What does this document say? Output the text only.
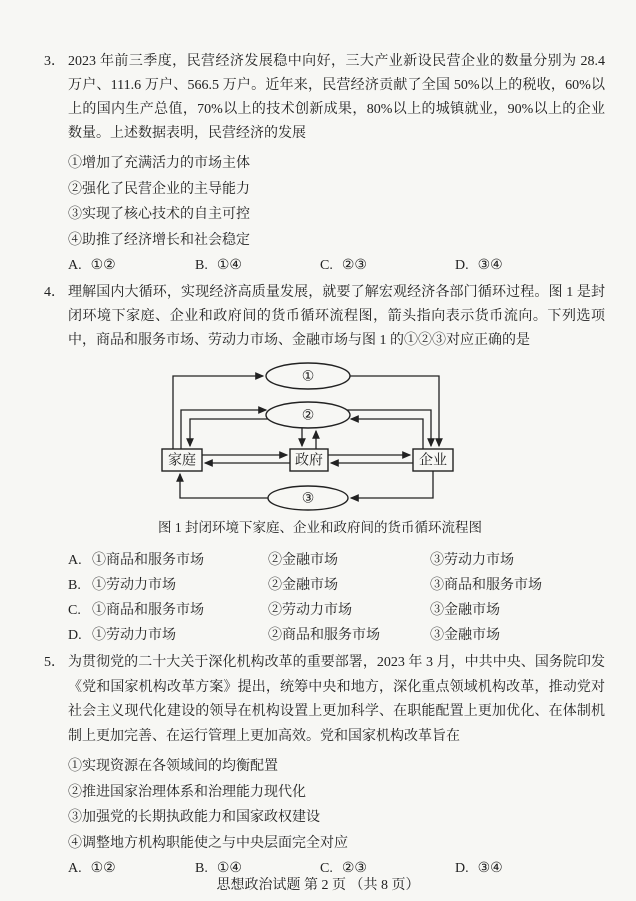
3． 2023 年前三季度，民营经济发展稳中向好，三大产业新设民营企业的数量分别为 28.4 万户、111.6 万户、566.5 万户。近年来，民营经济贡献了全国 50%以上的税收，60%以上的国内生产总值，70%以上的技术创新成果，80%以上的城镇就业，90%以上的企业数量。上述数据表明，民营经济的发展
①增加了充满活力的市场主体
②强化了民营企业的主导能力
③实现了核心技术的自主可控
④助推了经济增长和社会稳定
A. ①②	B. ①④	C. ②③	D. ③④
4． 理解国内大循环，实现经济高质量发展，就要了解宏观经济各部门循环过程。图 1 是封闭环境下家庭、企业和政府间的货币循环流程图，箭头指向表示货币流向。下列选项中，商品和服务市场、劳动力市场、金融市场与图 1 的①②③对应正确的是
①
②
③
家庭	政府	企业
图 1 封闭环境下家庭、企业和政府间的货币循环流程图
A. ①商品和服务市场	②金融市场	③劳动力市场
B. ①劳动力市场	②金融市场	③商品和服务市场
C. ①商品和服务市场	②劳动力市场	③金融市场
D. ①劳动力市场	②商品和服务市场	③金融市场
5． 为贯彻党的二十大关于深化机构改革的重要部署，2023 年 3 月，中共中央、国务院印发《党和国家机构改革方案》提出，统筹中央和地方，深化重点领域机构改革，推动党对社会主义现代化建设的领导在机构设置上更加科学、在职能配置上更加优化、在体制机制上更加完善、在运行管理上更加高效。党和国家机构改革旨在
①实现资源在各领域间的均衡配置
②推进国家治理体系和治理能力现代化
③加强党的长期执政能力和国家政权建设
④调整地方机构职能使之与中央层面完全对应
A. ①②	B. ①④	C. ②③	D. ③④
思想政治试题 第 2 页 （共 8 页）
